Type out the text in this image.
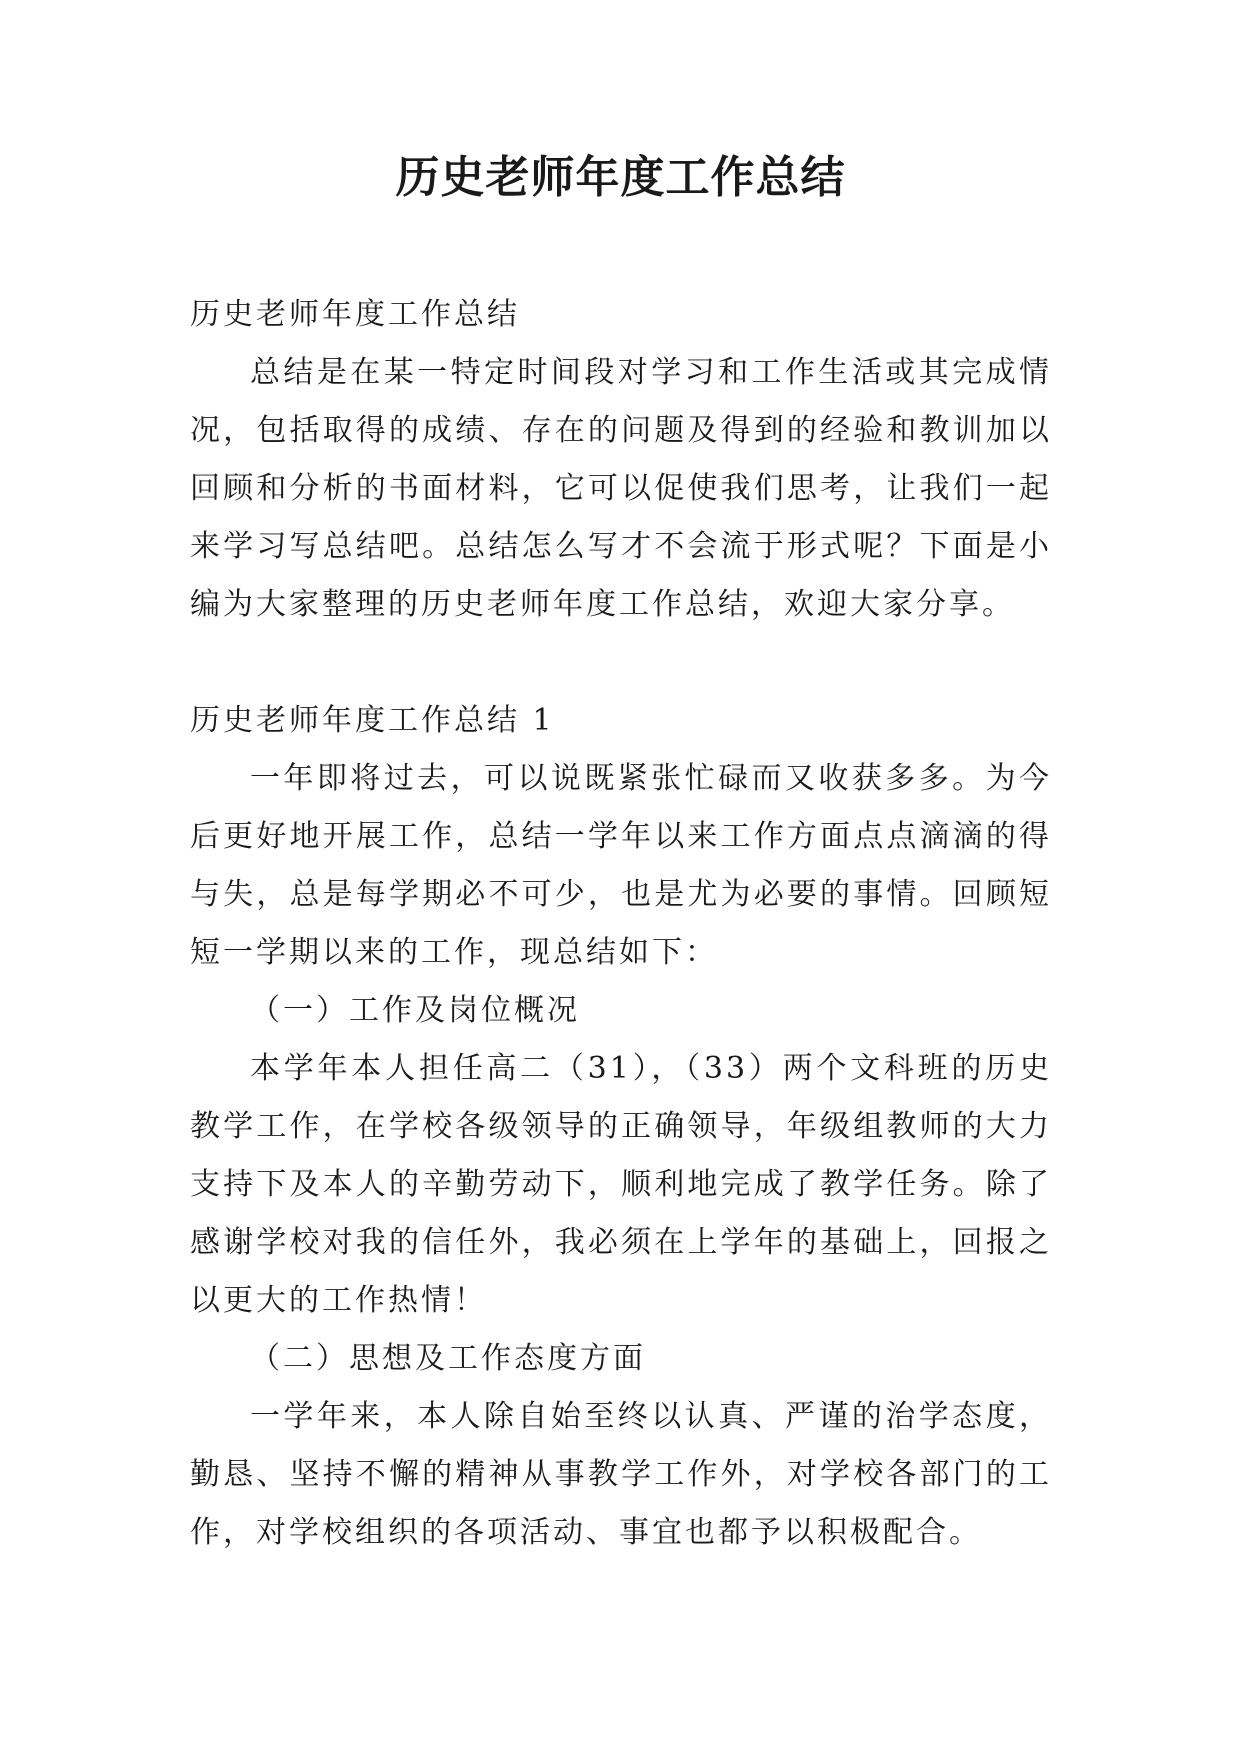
历史老师年度工作总结

历史老师年度工作总结

总结是在某一特定时间段对学习和工作生活或其完成情况，包括取得的成绩、存在的问题及得到的经验和教训加以回顾和分析的书面材料，它可以促使我们思考，让我们一起来学习写总结吧。总结怎么写才不会流于形式呢？下面是小编为大家整理的历史老师年度工作总结，欢迎大家分享。

历史老师年度工作总结 1

一年即将过去，可以说既紧张忙碌而又收获多多。为今后更好地开展工作，总结一学年以来工作方面点点滴滴的得与失，总是每学期必不可少，也是尤为必要的事情。回顾短短一学期以来的工作，现总结如下：

（一）工作及岗位概况

本学年本人担任高二（31），（33）两个文科班的历史教学工作，在学校各级领导的正确领导，年级组教师的大力支持下及本人的辛勤劳动下，顺利地完成了教学任务。除了感谢学校对我的信任外，我必须在上学年的基础上，回报之以更大的工作热情！

（二）思想及工作态度方面

一学年来，本人除自始至终以认真、严谨的治学态度，勤恳、坚持不懈的精神从事教学工作外，对学校各部门的工作，对学校组织的各项活动、事宜也都予以积极配合。
